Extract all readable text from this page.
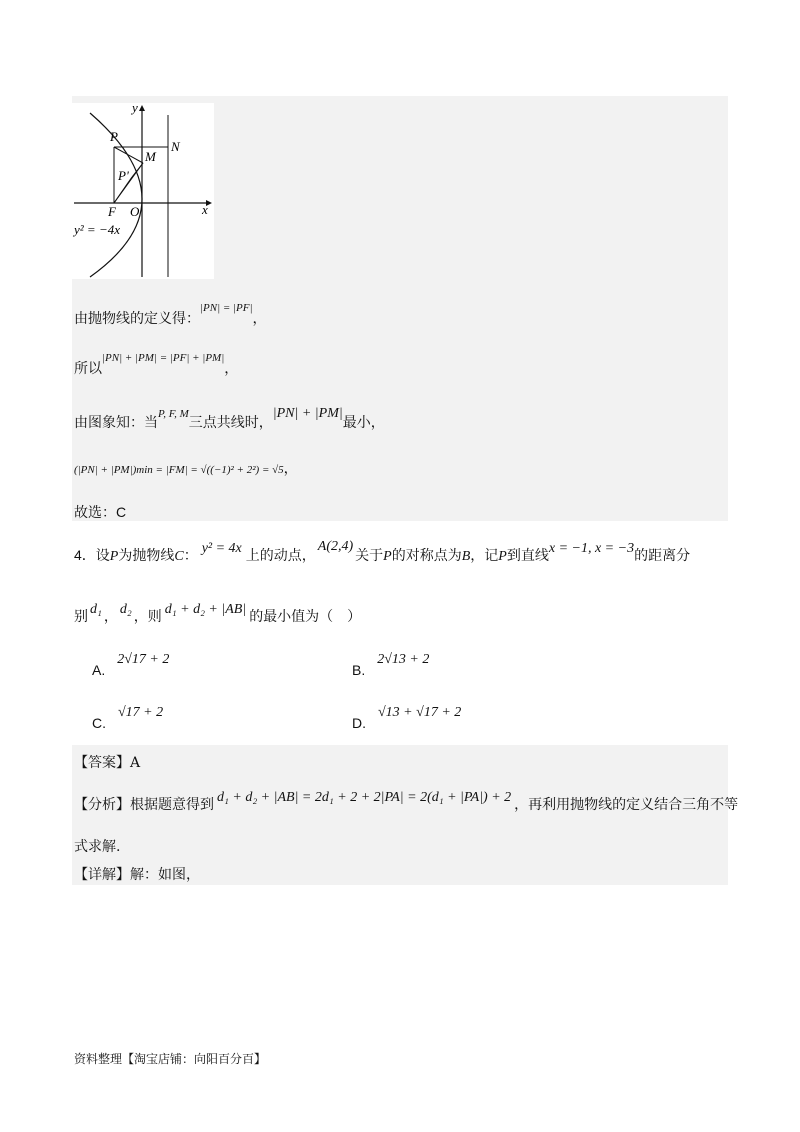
y
x
P
M
N
P'
F O
y² = −4x
由抛物线的定义得：$^{|PN| = |PF|}$，
所以$^{|PN| + |PM| = |PF| + |PM|}$，
由图象知：当$^{P, F, M}$三点共线时，|PN| + |PM|最小，
(|PN| + |PM|)min = |FM| = √((−1)² + 2²) = √5，
故选：C
4．设P为抛物线C： y² = 4x 上的动点，A(2,4)关于P的对称点为B，记P到直线x = −1, x = −3的距离分
别 d₁ ， d₂ ，则 d₁ + d₂ + |AB| 的最小值为（　）
A.2√17 + 2
B.2√13 + 2
C.√17 + 2
D.√13 + √17 + 2
【答案】A
【分析】根据题意得到 d₁ + d₂ + |AB| = 2d₁ + 2 + 2|PA| = 2(d₁ + |PA|) + 2 ，再利用抛物线的定义结合三角不等
式求解.
【详解】解：如图，
资料整理【淘宝店铺：向阳百分百】
